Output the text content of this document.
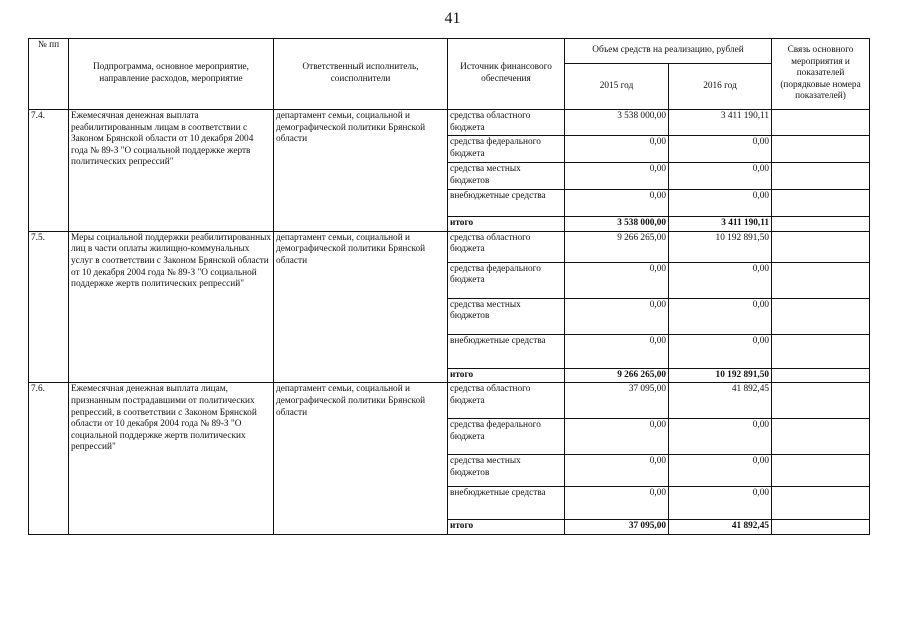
41
№ пп	Подпрограмма, основное мероприятие, направление расходов, мероприятие	Ответственный исполнитель, соисполнители	Источник финансового обеспечения	Объем средств на реализацию, рублей		Связь основного мероприятия и показателей (порядковые номера показателей)
				2015 год	2016 год	
7.4.	Ежемесячная денежная выплата реабилитированным лицам в соответствии с Законом Брянской области от 10 декабря 2004 года № 89-З "О социальной поддержке жертв политических репрессий"	департамент семьи, социальной и демографической политики Брянской области	средства областного бюджета	3 538 000,00	3 411 190,11	
			средства федерального бюджета	0,00	0,00	
			средства местных бюджетов	0,00	0,00	
			внебюджетные средства	0,00	0,00	
			итого	3 538 000,00	3 411 190,11	
7.5.	Меры социальной поддержки реабилитированных лиц в части оплаты жилищно-коммунальных услуг в соответствии с Законом Брянской области от 10 декабря 2004 года № 89-З "О социальной поддержке жертв политических репрессий"	департамент семьи, социальной и демографической политики Брянской области	средства областного бюджета	9 266 265,00	10 192 891,50	
			средства федерального бюджета	0,00	0,00	
			средства местных бюджетов	0,00	0,00	
			внебюджетные средства	0,00	0,00	
			итого	9 266 265,00	10 192 891,50	
7.6.	Ежемесячная денежная выплата лицам, признанным пострадавшими от политических репрессий, в соответствии с Законом Брянской области от 10 декабря 2004 года № 89-З "О социальной поддержке жертв политических репрессий"	департамент семьи, социальной и демографической политики Брянской области	средства областного бюджета	37 095,00	41 892,45	
			средства федерального бюджета	0,00	0,00	
			средства местных бюджетов	0,00	0,00	
			внебюджетные средства	0,00	0,00	
			итого	37 095,00	41 892,45	
